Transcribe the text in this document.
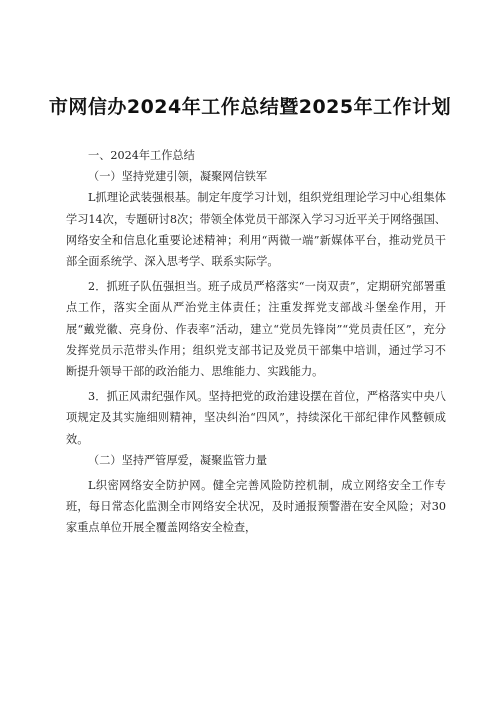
市网信办2024年工作总结暨2025年工作计划

一、2024年工作总结

（一）坚持党建引领，凝聚网信铁军

L抓理论武装强根基。制定年度学习计划，组织党组理论学习中心组集体学习14次，专题研讨8次；带领全体党员干部深入学习习近平关于网络强国、网络安全和信息化重要论述精神；利用“两微一端”新媒体平台，推动党员干部全面系统学、深入思考学、联系实际学。

2．抓班子队伍强担当。班子成员严格落实“一岗双责”，定期研究部署重点工作，落实全面从严治党主体责任；注重发挥党支部战斗堡垒作用，开展“戴党徽、亮身份、作表率”活动，建立“党员先锋岗”“党员责任区”，充分发挥党员示范带头作用；组织党支部书记及党员干部集中培训，通过学习不断提升领导干部的政治能力、思维能力、实践能力。

3．抓正风肃纪强作风。坚持把党的政治建设摆在首位，严格落实中央八项规定及其实施细则精神，坚决纠治“四风”，持续深化干部纪律作风整顿成效。

（二）坚持严管厚爱，凝聚监管力量

L织密网络安全防护网。健全完善风险防控机制，成立网络安全工作专班，每日常态化监测全市网络安全状况，及时通报预警潜在安全风险；对30家重点单位开展全覆盖网络安全检查，
